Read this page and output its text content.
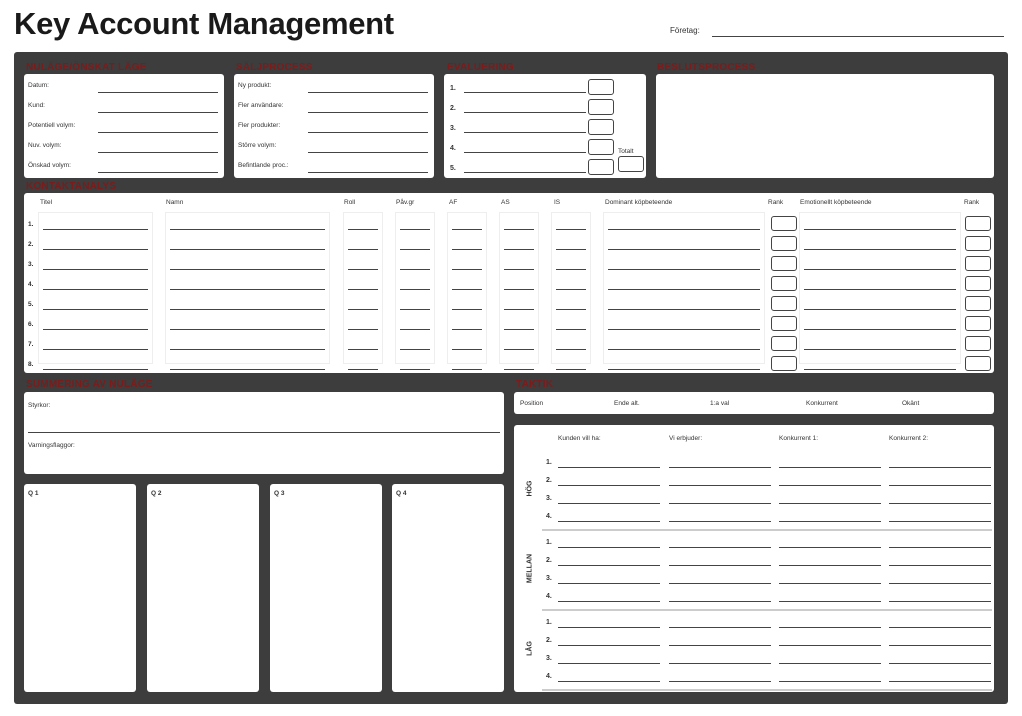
Key Account Management	Företag:
NULÄGE/ÖNSKAT LÄGE
Datum:
Kund:
Potentiell volym:
Nuv. volym:
Önskad volym:
SÄLJPROCESS
Ny produkt:
Fler användare:
Fler produkter:
Större volym:
Befintlande proc.:
EVALUERING
1.
2.
3.
4.
5.
Totalt
BESLUTSPROCESS
KONTAKTANALYS
Titel	Namn	Roll	Påv.gr	AF	AS	IS	Dominant köpbeteende	Rank	Emotionellt köpbeteende	Rank
1.
2.
3.
4.
5.
6.
7.
8.
SUMMERING AV NULÄGE
Styrkor:
Varningsflaggor:
Q 1	Q 2	Q 3	Q 4
TAKTIK
Position	Ende alt.	1:a val	Konkurrent	Okänt
Kunden vill ha:	Vi erbjuder:	Konkurrent 1:	Konkurrent 2:
HÖG
1.
2.
3.
4.
MELLAN
1.
2.
3.
4.
LÅG
1.
2.
3.
4.
